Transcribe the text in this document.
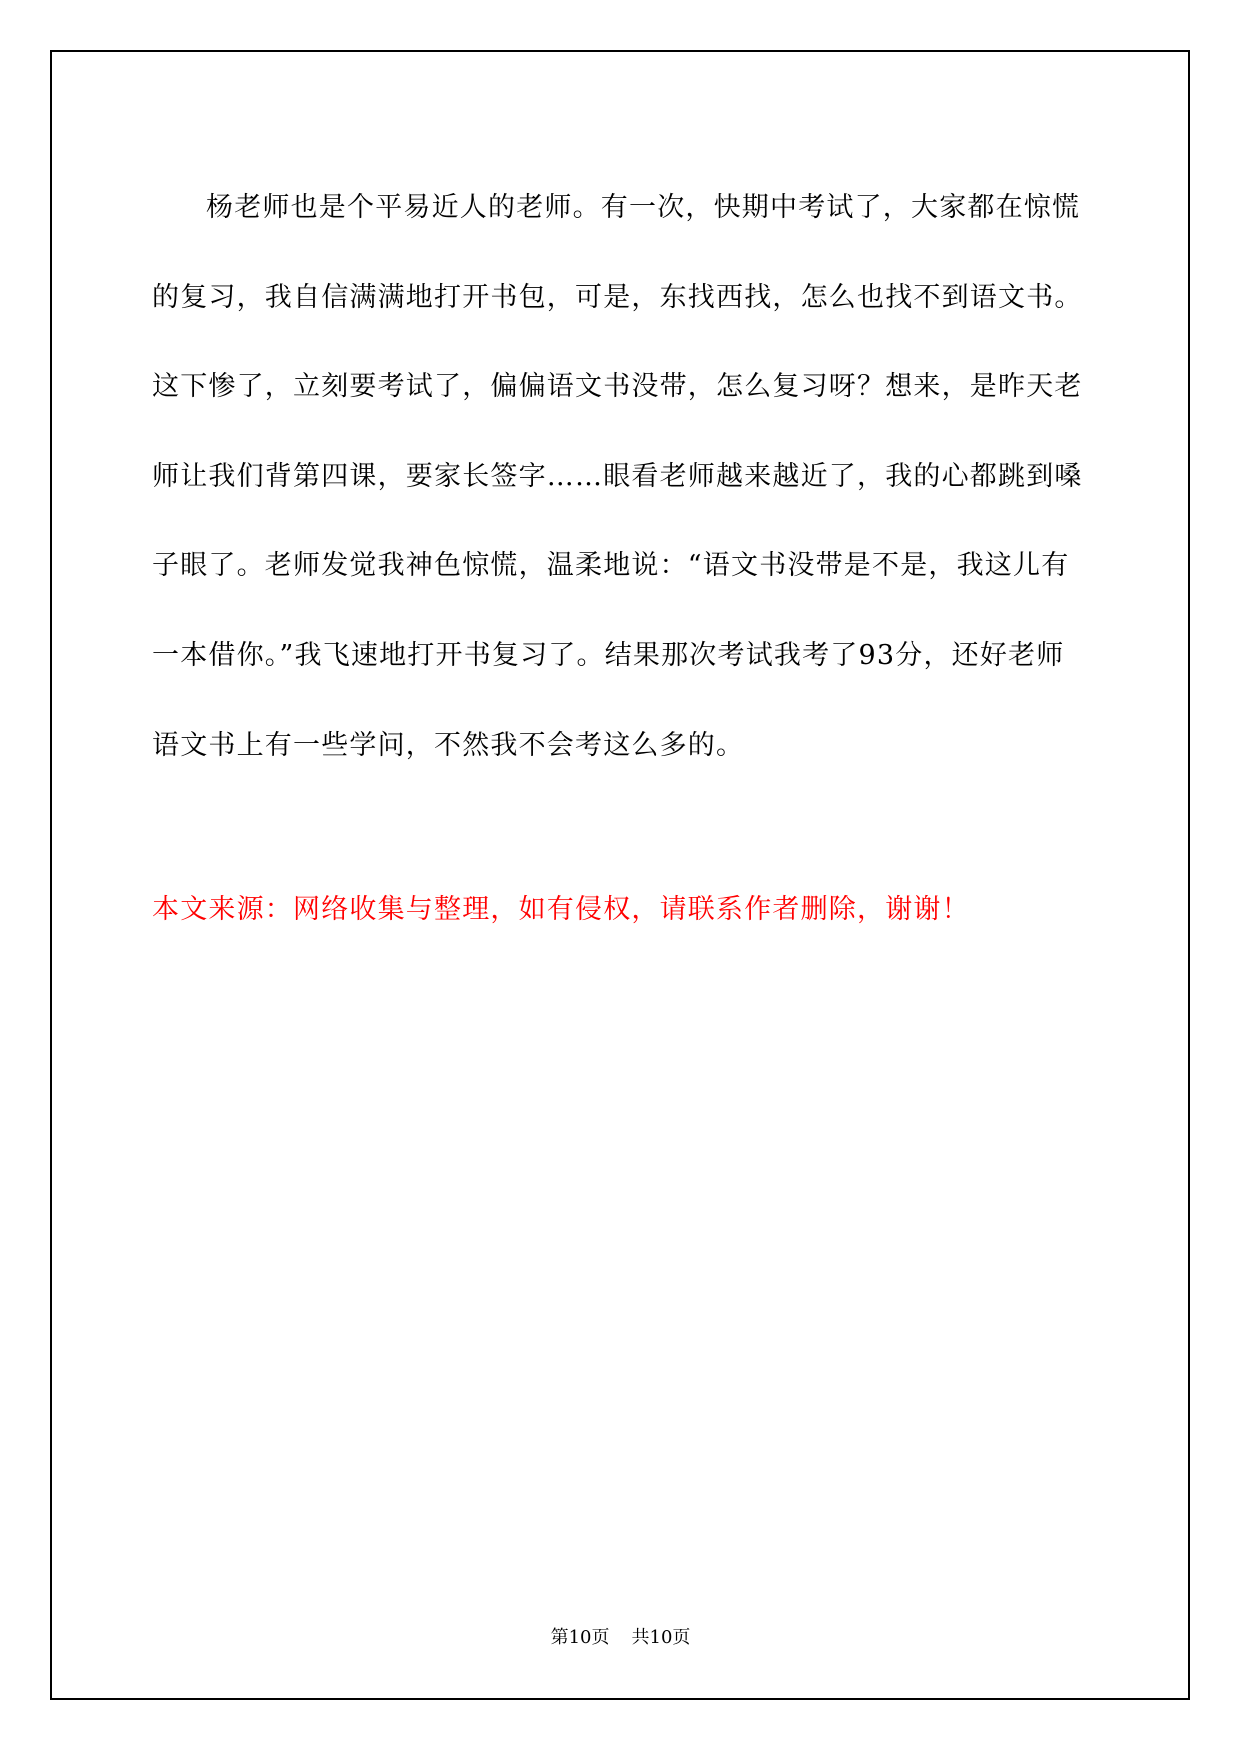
杨老师也是个平易近人的老师。有一次，快期中考试了，大家都在惊慌的复习，我自信满满地打开书包，可是，东找西找，怎么也找不到语文书。这下惨了，立刻要考试了，偏偏语文书没带，怎么复习呀？想来，是昨天老师让我们背第四课，要家长签字……眼看老师越来越近了，我的心都跳到嗓子眼了。老师发觉我神色惊慌，温柔地说：“语文书没带是不是，我这儿有一本借你。”我飞速地打开书复习了。结果那次考试我考了93分，还好老师语文书上有一些学问，不然我不会考这么多的。

本文来源：网络收集与整理，如有侵权，请联系作者删除，谢谢！

第10页 共10页
